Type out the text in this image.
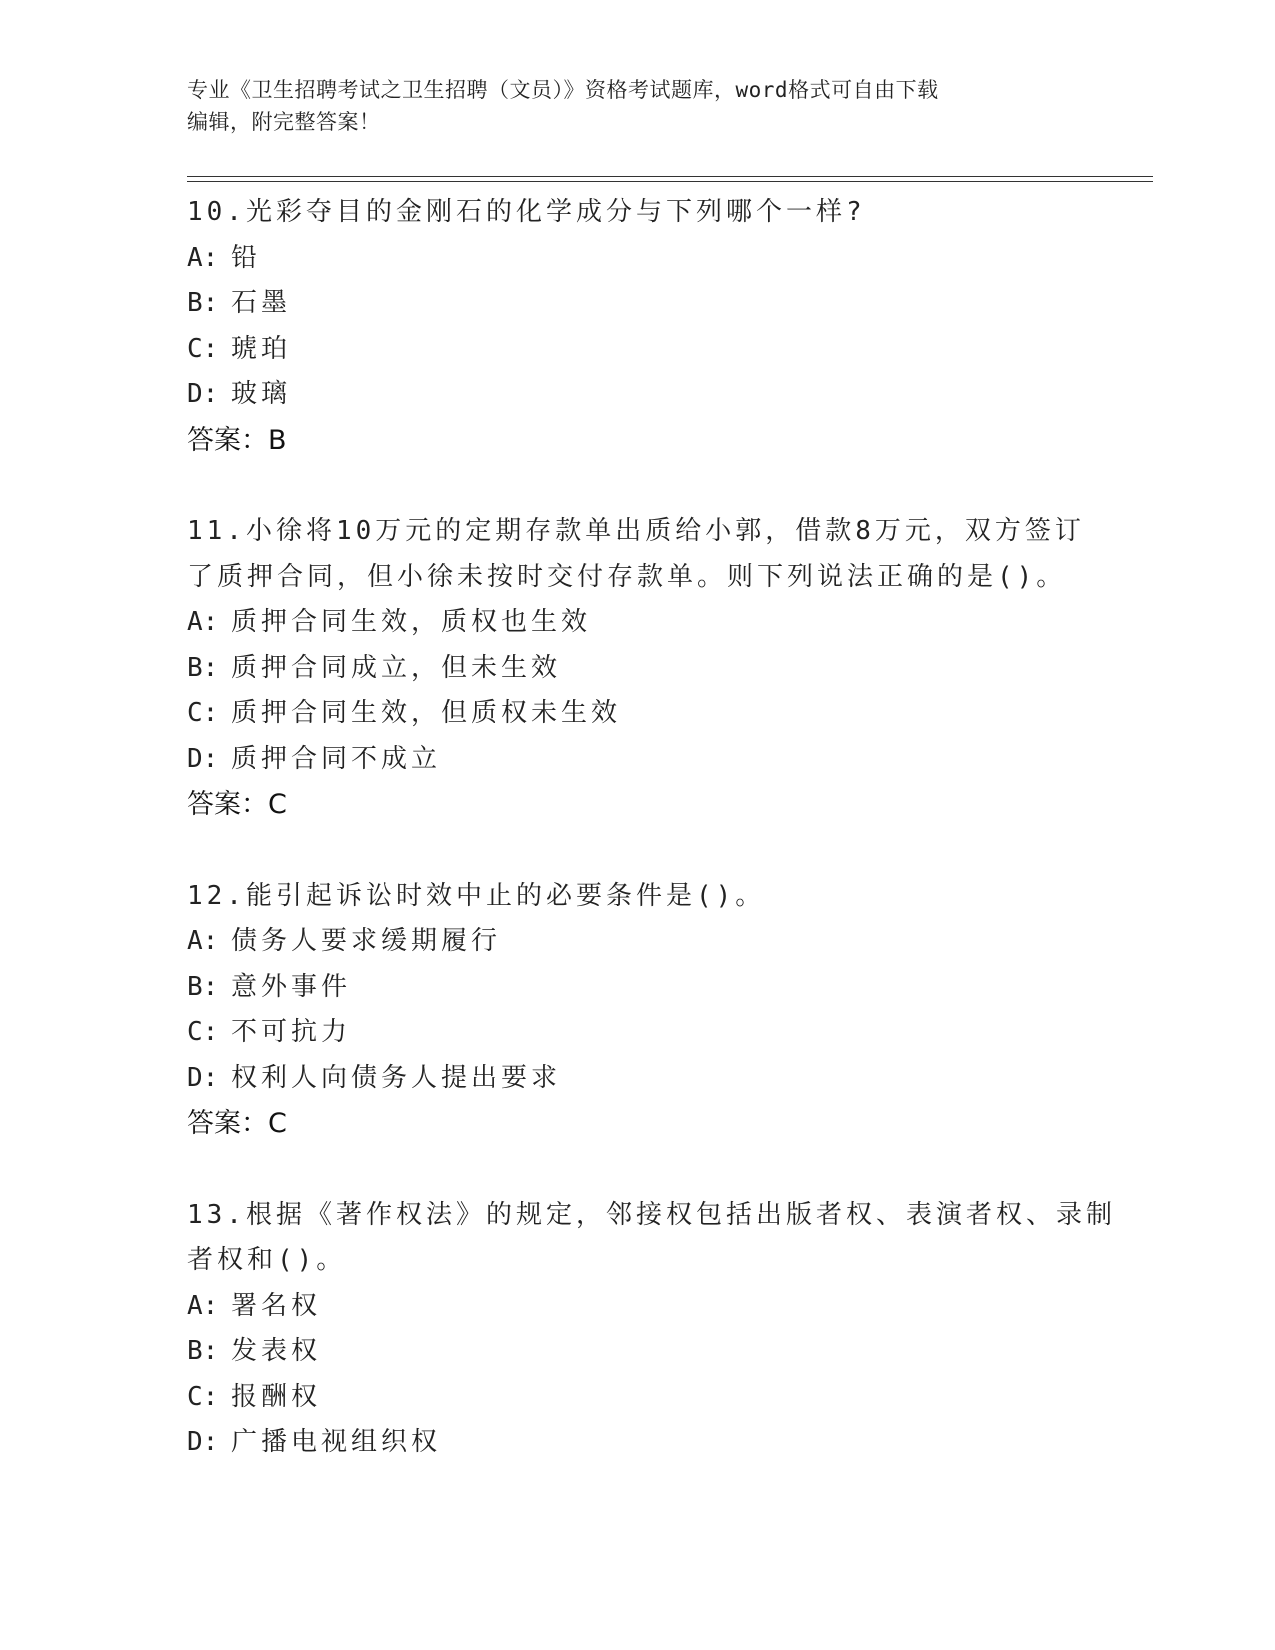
专业《卫生招聘考试之卫生招聘（文员）》资格考试题库，word格式可自由下载
编辑，附完整答案！
10.光彩夺目的金刚石的化学成分与下列哪个一样?
A: 铅
B: 石墨
C: 琥珀
D: 玻璃
答案：B
11.小徐将10万元的定期存款单出质给小郭，借款8万元，双方签订
了质押合同，但小徐未按时交付存款单。则下列说法正确的是()。
A: 质押合同生效，质权也生效
B: 质押合同成立，但未生效
C: 质押合同生效，但质权未生效
D: 质押合同不成立
答案：C
12.能引起诉讼时效中止的必要条件是()。
A: 债务人要求缓期履行
B: 意外事件
C: 不可抗力
D: 权利人向债务人提出要求
答案：C
13.根据《著作权法》的规定，邻接权包括出版者权、表演者权、录制
者权和()。
A: 署名权
B: 发表权
C: 报酬权
D: 广播电视组织权
